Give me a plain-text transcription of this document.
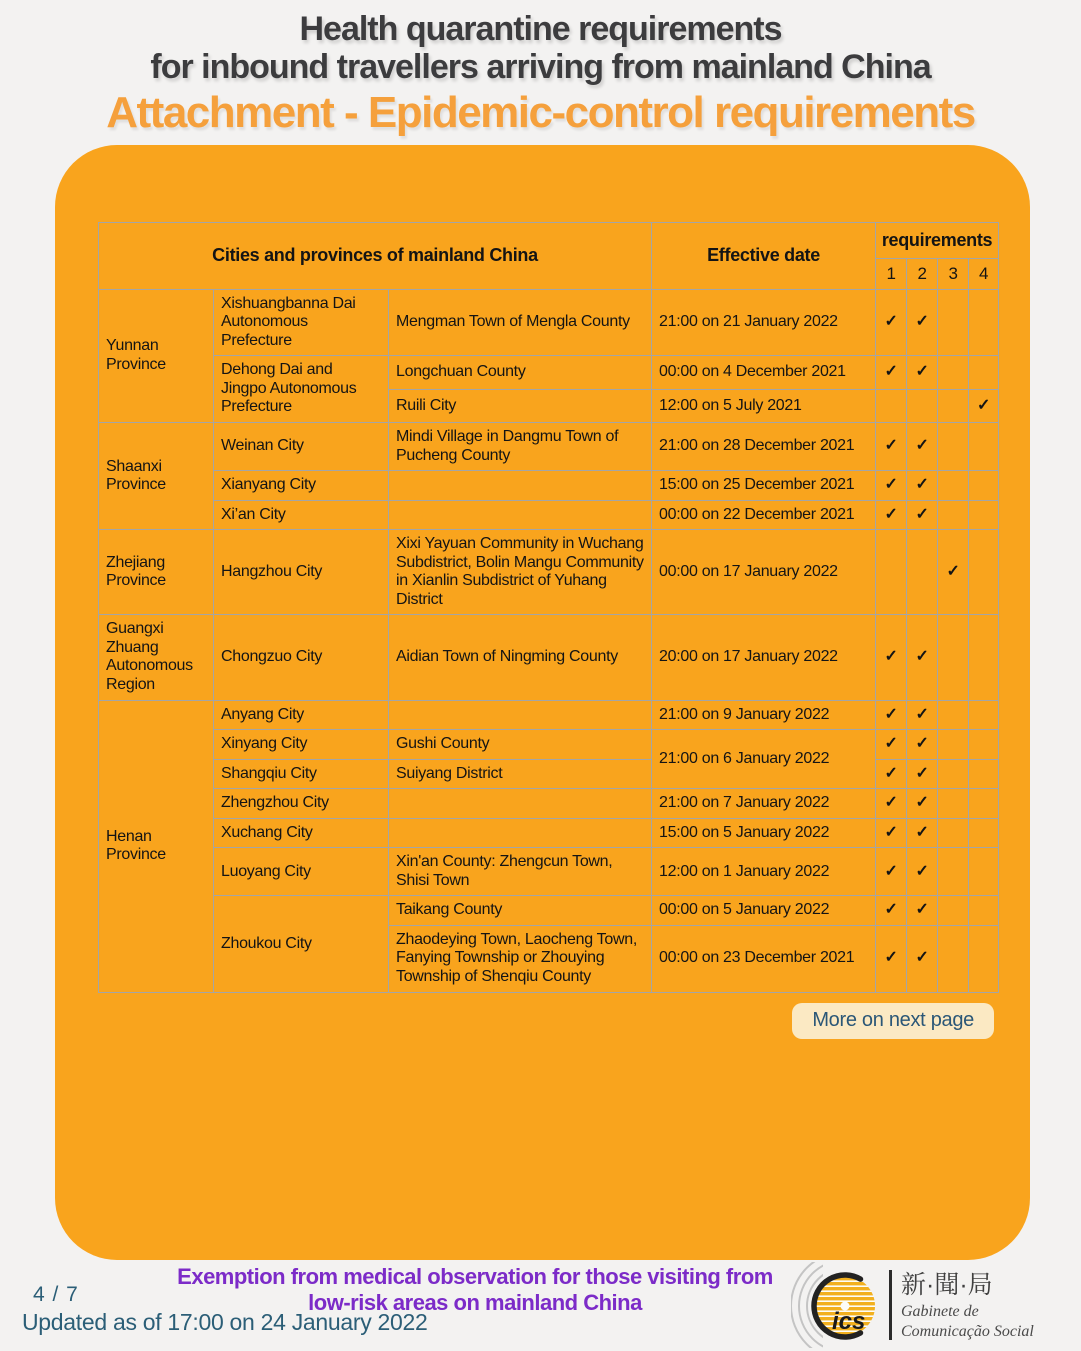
Health quarantine requirements
for inbound travellers arriving from mainland China
Attachment - Epidemic-control requirements
Cities and provinces of mainland China			Effective date	requirements			
				1	2	3	4
Yunnan Province	Xishuangbanna Dai Autonomous Prefecture	Mengman Town of Mengla County	21:00 on 21 January 2022	✓	✓		
	Dehong Dai and Jingpo Autonomous Prefecture	Longchuan County	00:00 on 4 December 2021	✓	✓		
		Ruili City	12:00 on 5 July 2021				✓
Shaanxi Province	Weinan City	Mindi Village in Dangmu Town of Pucheng County	21:00 on 28 December 2021	✓	✓		
	Xianyang City		15:00 on 25 December 2021	✓	✓		
	Xi’an City		00:00 on 22 December 2021	✓	✓		
Zhejiang Province	Hangzhou City	Xixi Yayuan Community in Wuchang Subdistrict, Bolin Mangu Community in Xianlin Subdistrict of Yuhang District	00:00 on 17 January 2022			✓	
Guangxi Zhuang Autonomous Region	Chongzuo City	Aidian Town of Ningming County	20:00 on 17 January 2022	✓	✓		
Henan Province	Anyang City		21:00 on 9 January 2022	✓	✓		
	Xinyang City	Gushi County	21:00 on 6 January 2022	✓	✓		
	Shangqiu City	Suiyang District		✓	✓		
	Zhengzhou City		21:00 on 7 January 2022	✓	✓		
	Xuchang City		15:00 on 5 January 2022	✓	✓		
	Luoyang City	Xin'an County: Zhengcun Town, Shisi Town	12:00 on 1 January 2022	✓	✓		
	Zhoukou City	Taikang County	00:00 on 5 January 2022	✓	✓		
		Zhaodeying Town, Laocheng Town, Fanying Township or Zhouying Township of Shenqiu County	00:00 on 23 December 2021	✓	✓		
More on next page
4 / 7
Updated as of 17:00 on 24 January 2022
Exemption from medical observation for those visiting from
low-risk areas on mainland China
ics
新·聞·局
Gabinete de
Comunicação Social
